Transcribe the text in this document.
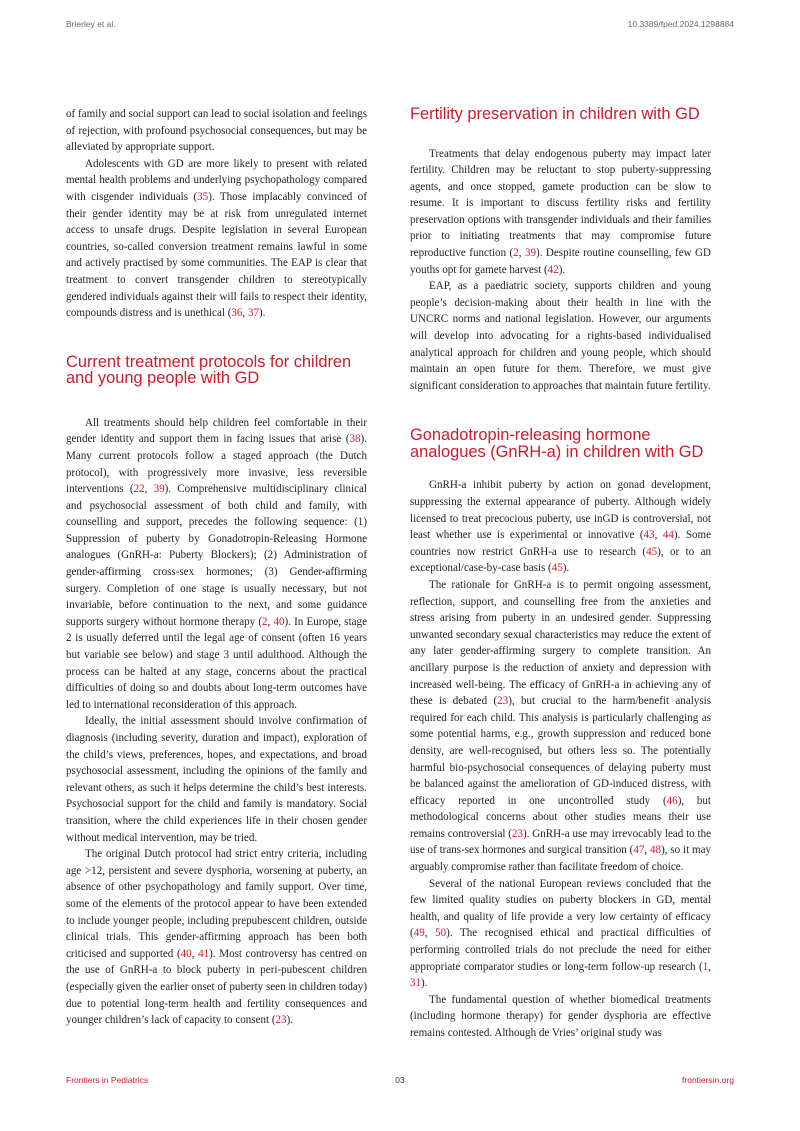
Brierley et al.	10.3389/fped.2024.1298884

of family and social support can lead to social isolation and feelings of rejection, with profound psychosocial consequences, but may be alleviated by appropriate support.

Adolescents with GD are more likely to present with related mental health problems and underlying psychopathology compared with cisgender individuals (35). Those implacably convinced of their gender identity may be at risk from unregulated internet access to unsafe drugs. Despite legislation in several European countries, so-called conversion treatment remains lawful in some and actively practised by some communities. The EAP is clear that treatment to convert transgender children to stereotypically gendered individuals against their will fails to respect their identity, compounds distress and is unethical (36, 37).

Current treatment protocols for children and young people with GD

All treatments should help children feel comfortable in their gender identity and support them in facing issues that arise (38). Many current protocols follow a staged approach (the Dutch protocol), with progressively more invasive, less reversible interventions (22, 39). Comprehensive multidisciplinary clinical and psychosocial assessment of both child and family, with counselling and support, precedes the following sequence: (1) Suppression of puberty by Gonadotropin-Releasing Hormone analogues (GnRH-a: Puberty Blockers); (2) Administration of gender-affirming cross-sex hormones; (3) Gender-affirming surgery. Completion of one stage is usually necessary, but not invariable, before continuation to the next, and some guidance supports surgery without hormone therapy (2, 40). In Europe, stage 2 is usually deferred until the legal age of consent (often 16 years but variable see below) and stage 3 until adulthood. Although the process can be halted at any stage, concerns about the practical difficulties of doing so and doubts about long-term outcomes have led to international reconsideration of this approach.

Ideally, the initial assessment should involve confirmation of diagnosis (including severity, duration and impact), exploration of the child’s views, preferences, hopes, and expectations, and broad psychosocial assessment, including the opinions of the family and relevant others, as such it helps determine the child’s best interests. Psychosocial support for the child and family is mandatory. Social transition, where the child experiences life in their chosen gender without medical intervention, may be tried.

The original Dutch protocol had strict entry criteria, including age >12, persistent and severe dysphoria, worsening at puberty, an absence of other psychopathology and family support. Over time, some of the elements of the protocol appear to have been extended to include younger people, including prepubescent children, outside clinical trials. This gender-affirming approach has been both criticised and supported (40, 41). Most controversy has centred on the use of GnRH-a to block puberty in peri-pubescent children (especially given the earlier onset of puberty seen in children today) due to potential long-term health and fertility consequences and younger children’s lack of capacity to consent (23).

Fertility preservation in children with GD

Treatments that delay endogenous puberty may impact later fertility. Children may be reluctant to stop puberty-suppressing agents, and once stopped, gamete production can be slow to resume. It is important to discuss fertility risks and fertility preservation options with transgender individuals and their families prior to initiating treatments that may compromise future reproductive function (2, 39). Despite routine counselling, few GD youths opt for gamete harvest (42).

EAP, as a paediatric society, supports children and young people’s decision-making about their health in line with the UNCRC norms and national legislation. However, our arguments will develop into advocating for a rights-based individualised analytical approach for children and young people, which should maintain an open future for them. Therefore, we must give significant consideration to approaches that maintain future fertility.

Gonadotropin-releasing hormone analogues (GnRH-a) in children with GD

GnRH-a inhibit puberty by action on gonad development, suppressing the external appearance of puberty. Although widely licensed to treat precocious puberty, use inGD is controversial, not least whether use is experimental or innovative (43, 44). Some countries now restrict GnRH-a use to research (45), or to an exceptional/case-by-case basis (45).

The rationale for GnRH-a is to permit ongoing assessment, reflection, support, and counselling free from the anxieties and stress arising from puberty in an undesired gender. Suppressing unwanted secondary sexual characteristics may reduce the extent of any later gender-affirming surgery to complete transition. An ancillary purpose is the reduction of anxiety and depression with increased well-being. The efficacy of GnRH-a in achieving any of these is debated (23), but crucial to the harm/benefit analysis required for each child. This analysis is particularly challenging as some potential harms, e.g., growth suppression and reduced bone density, are well-recognised, but others less so. The potentially harmful bio-psychosocial consequences of delaying puberty must be balanced against the amelioration of GD-induced distress, with efficacy reported in one uncontrolled study (46), but methodological concerns about other studies means their use remains controversial (23). GnRH-a use may irrevocably lead to the use of trans-sex hormones and surgical transition (47, 48), so it may arguably compromise rather than facilitate freedom of choice.

Several of the national European reviews concluded that the few limited quality studies on puberty blockers in GD, mental health, and quality of life provide a very low certainty of efficacy (49, 50). The recognised ethical and practical difficulties of performing controlled trials do not preclude the need for either appropriate comparator studies or long-term follow-up research (1, 31).

The fundamental question of whether biomedical treatments (including hormone therapy) for gender dysphoria are effective remains contested. Although de Vries’ original study was

Frontiers in Pediatrics	03	frontiersin.org
